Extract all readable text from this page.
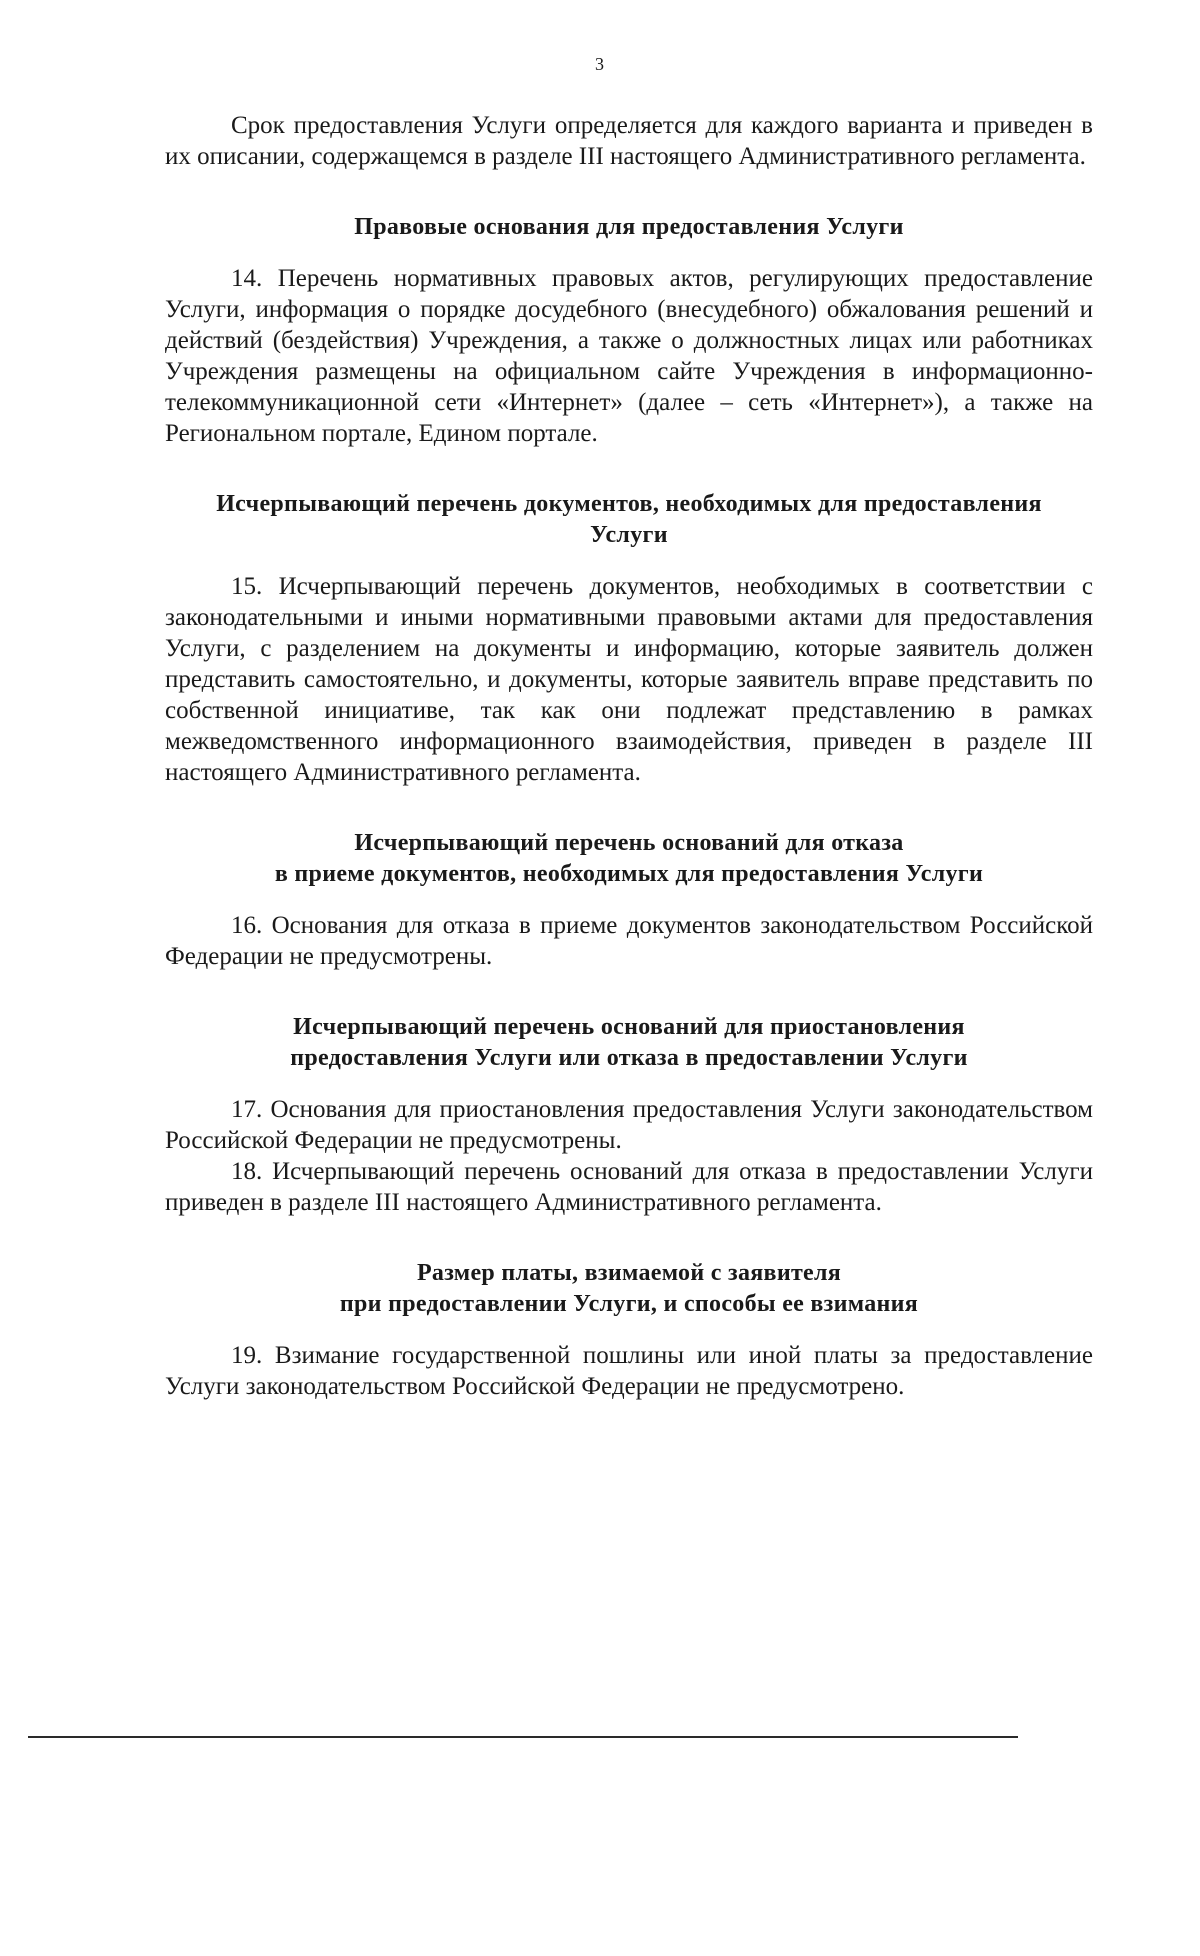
3

Срок предоставления Услуги определяется для каждого варианта и приведен в их описании, содержащемся в разделе III настоящего Административного регламента.

Правовые основания для предоставления Услуги

14. Перечень нормативных правовых актов, регулирующих предоставление Услуги, информация о порядке досудебного (внесудебного) обжалования решений и действий (бездействия) Учреждения, а также о должностных лицах или работниках Учреждения размещены на официальном сайте Учреждения в информационно-телекоммуникационной сети «Интернет» (далее – сеть «Интернет»), а также на Региональном портале, Едином портале.

Исчерпывающий перечень документов, необходимых для предоставления
Услуги

15. Исчерпывающий перечень документов, необходимых в соответствии с законодательными и иными нормативными правовыми актами для предоставления Услуги, с разделением на документы и информацию, которые заявитель должен представить самостоятельно, и документы, которые заявитель вправе представить по собственной инициативе, так как они подлежат представлению в рамках межведомственного информационного взаимодействия, приведен в разделе III настоящего Административного регламента.

Исчерпывающий перечень оснований для отказа
в приеме документов, необходимых для предоставления Услуги

16. Основания для отказа в приеме документов законодательством Российской Федерации не предусмотрены.

Исчерпывающий перечень оснований для приостановления
предоставления Услуги или отказа в предоставлении Услуги

17. Основания для приостановления предоставления Услуги законодательством Российской Федерации не предусмотрены.

18. Исчерпывающий перечень оснований для отказа в предоставлении Услуги приведен в разделе III настоящего Административного регламента.

Размер платы, взимаемой с заявителя
при предоставлении Услуги, и способы ее взимания

19. Взимание государственной пошлины или иной платы за предоставление Услуги законодательством Российской Федерации не предусмотрено.
